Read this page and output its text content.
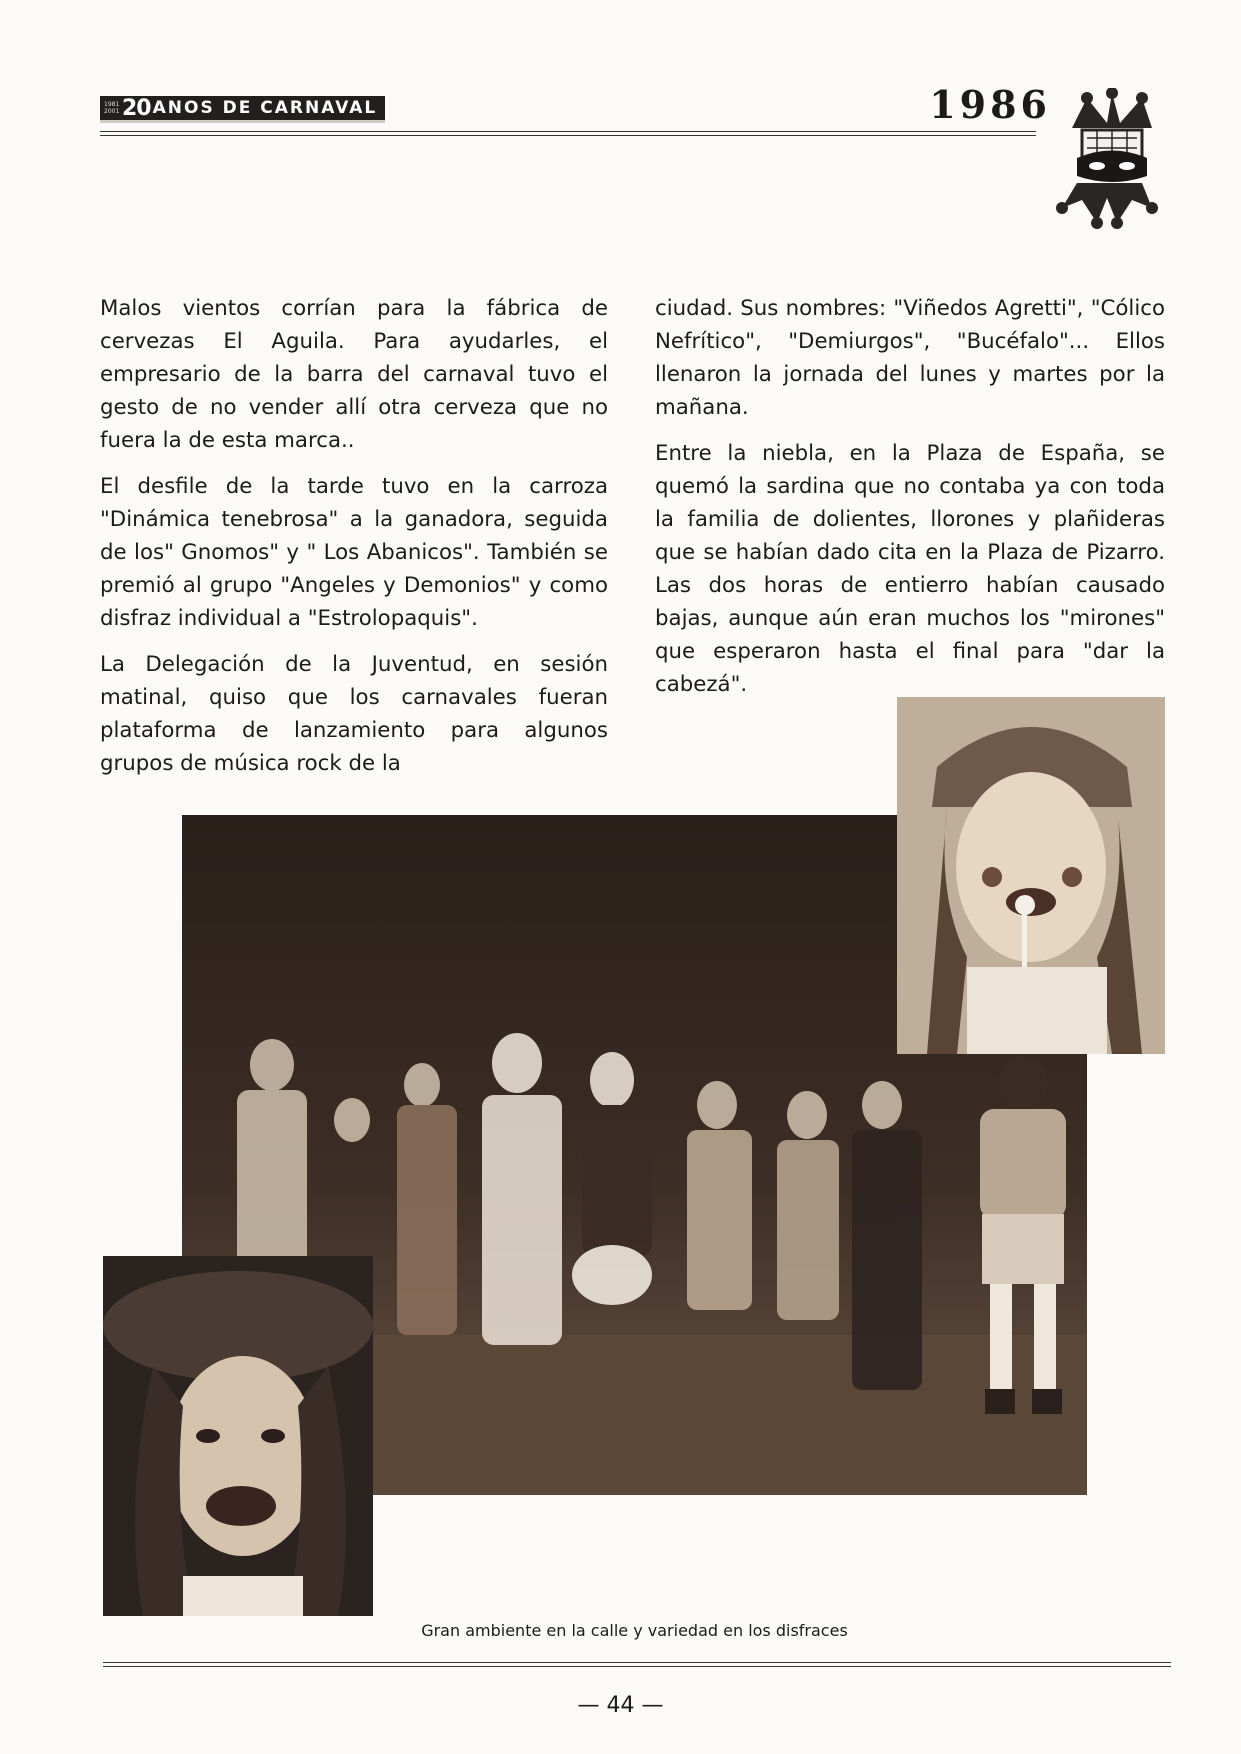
1981
2001 20 ANOS DE CARNAVAL	1986

Malos vientos corrían para la fábrica de cervezas El Aguila. Para ayudarles, el empresario de la barra del carnaval tuvo el gesto de no vender allí otra cerveza que no fuera la de esta marca..

El desfile de la tarde tuvo en la carroza "Dinámica tenebrosa" a la ganadora, seguida de los" Gnomos" y " Los Abanicos". También se premió al grupo "Angeles y Demonios" y como disfraz individual a "Estrolopaquis".

La Delegación de la Juventud, en sesión matinal, quiso que los carnavales fueran plataforma de lanzamiento para algunos grupos de música rock de la

ciudad. Sus nombres: "Viñedos Agretti", "Cólico Nefrítico", "Demiurgos", "Bucéfalo"... Ellos llenaron la jornada del lunes y martes por la mañana.

Entre la niebla, en la Plaza de España, se quemó la sardina que no contaba ya con toda la familia de dolientes, llorones y plañideras que se habían dado cita en la Plaza de Pizarro. Las dos horas de entierro habían causado bajas, aunque aún eran muchos los "mirones" que esperaron hasta el final para "dar la cabezá".

Gran ambiente en la calle y variedad en los disfraces
— 44 —
